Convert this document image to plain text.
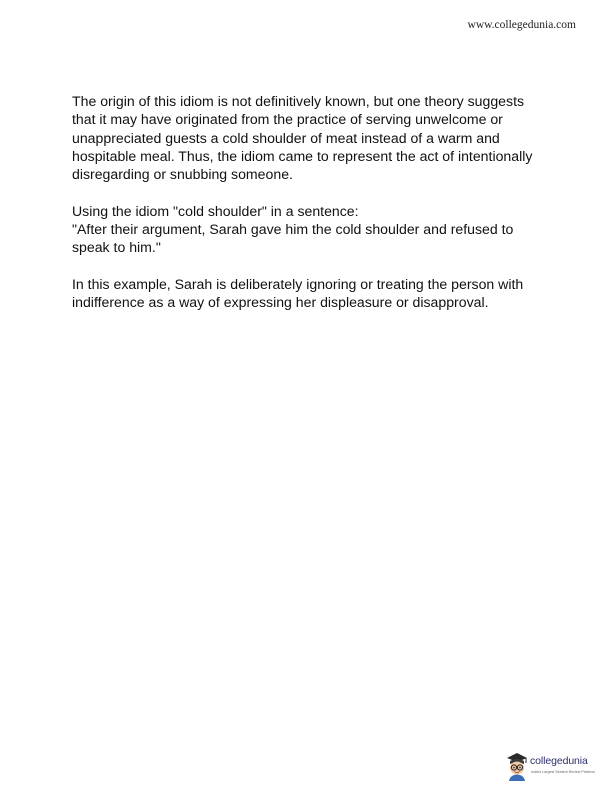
www.collegedunia.com

The origin of this idiom is not definitively known, but one theory suggests
that it may have originated from the practice of serving unwelcome or
unappreciated guests a cold shoulder of meat instead of a warm and
hospitable meal. Thus, the idiom came to represent the act of intentionally
disregarding or snubbing someone.

Using the idiom "cold shoulder" in a sentence:
"After their argument, Sarah gave him the cold shoulder and refused to
speak to him."

In this example, Sarah is deliberately ignoring or treating the person with
indifference as a way of expressing her displeasure or disapproval.

collegedunia
India's Largest Student Review Platform
